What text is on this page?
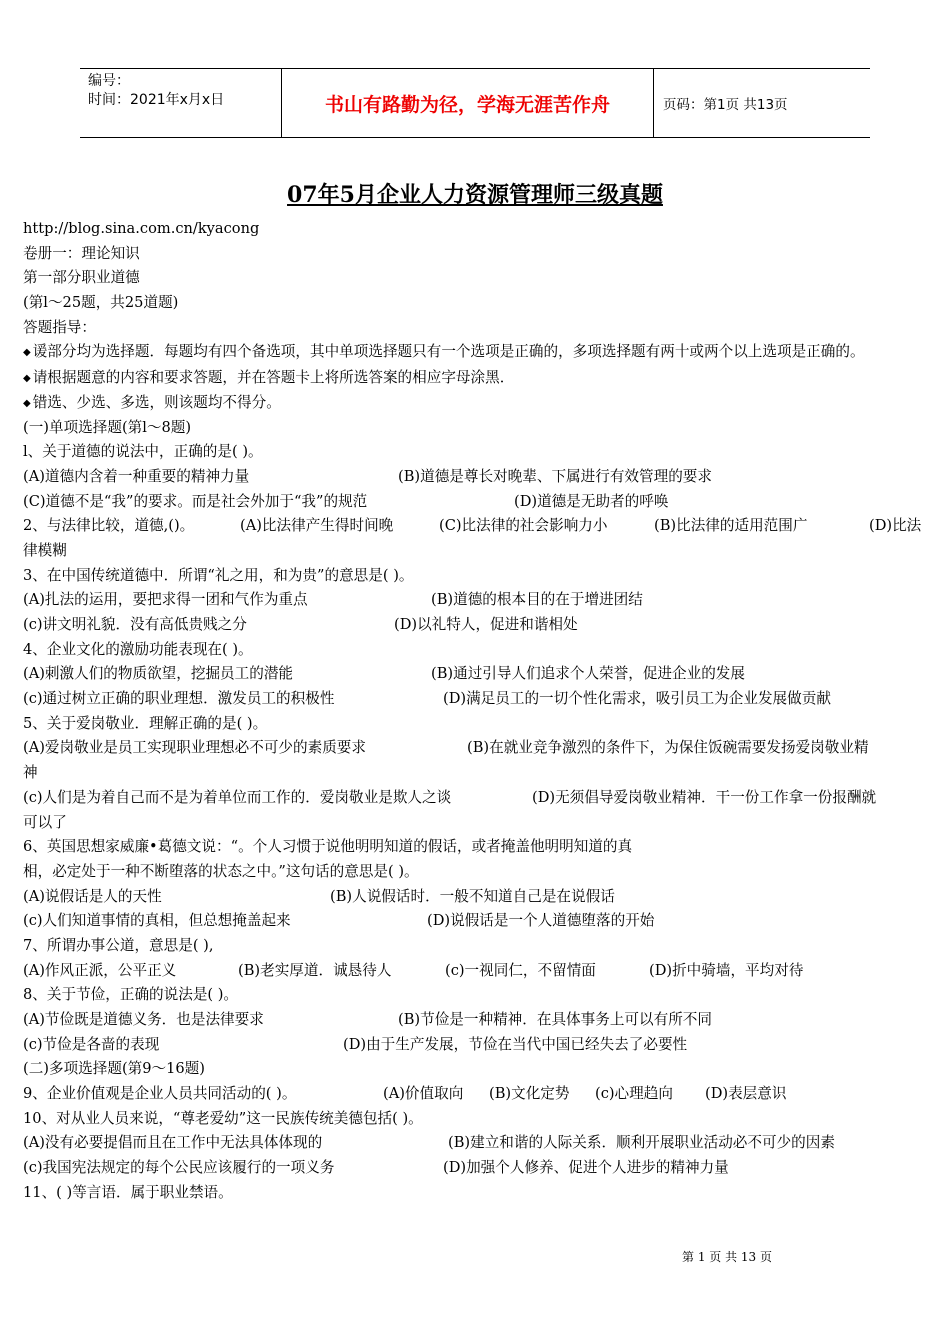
编号：
时间：2021年x月x日	书山有路勤为径，学海无涯苦作舟	页码：第1页 共13页
07年5月企业人力资源管理师三级真题
http://blog.sina.com.cn/kyacong
卷册一：理论知识
第一部分职业道德
(第l～25题，共25道题)
答题指导：
◆ 谖部分均为选择题．每题均有四个备选项，其中单项选择题只有一个选项是正确的，多项选择题有两十或两个以上选项是正确的。
◆ 请根据题意的内容和要求答题，并在答题卡上将所选答案的相应字母涂黑．
◆ 错选、少选、多选，则该题均不得分。
(一)单项选择题(第l～8题)
l、关于道德的说法中，正确的是( )。
(A)道德内含着一种重要的精神力量	(B)道德是尊长对晚辈、下属进行有效管理的要求
(C)道德不是“我”的要求。而是社会外加于“我”的规范	(D)道德是无助者的呼唤
2、与法律比较，道德,()。	(A)比法律产生得时间晚	(C)比法律的社会影响力小	(B)比法律的适用范围广	(D)比法
律模糊
3、在中国传统道德中．所谓“礼之用，和为贵”的意思是( )。
(A)扎法的运用，要把求得一团和气作为重点	(B)道德的根本目的在于增进团结
(c)讲文明礼貌．没有高低贵贱之分	(D)以礼特人，促进和谐相处
4、企业文化的激励功能表现在( )。
(A)刺激人们的物质欲望，挖掘员工的潜能	(B)通过引导人们追求个人荣誉，促进企业的发展
(c)通过树立正确的职业理想．激发员工的积极性	(D)满足员工的一切个性化需求，吸引员工为企业发展做贡献
5、关于爱岗敬业．理解正确的是( )。
(A)爱岗敬业是员工实现职业理想必不可少的素质要求	(B)在就业竞争激烈的条件下，为保住饭碗需要发扬爱岗敬业精
神
(c)人们是为着自己而不是为着单位而工作的．爱岗敬业是欺人之谈	(D)无须倡导爱岗敬业精神．干一份工作拿一份报酬就
可以了
6、英国思想家威廉•葛德文说：“。个人习惯于说他明明知道的假话，或者掩盖他明明知道的真
相，必定处于一种不断堕落的状态之中。”这句话的意思是( )。
(A)说假话是人的天性	(B)人说假话时．一般不知道自己是在说假话
(c)人们知道事情的真相，但总想掩盖起来	(D)说假话是一个人道德堕落的开始
7、所谓办事公道，意思是( ),
(A)作风正派，公平正义	(B)老实厚道．诚恳待人	(c)一视同仁，不留情面	(D)折中骑墙，平均对待
8、关于节俭，正确的说法是( )。
(A)节俭既是道德义务．也是法律要求	(B)节俭是一种精神．在具体事务上可以有所不同
(c)节俭是各啬的表现	(D)由于生产发展，节俭在当代中国已经失去了必要性
(二)多项选择题(第9～16题)
9、企业价值观是企业人员共同活动的( )。	(A)价值取向 (B)文化定势 (c)心理趋向 (D)表层意识
10、对从业人员来说，“尊老爱幼”这一民族传统美德包括( )。
(A)没有必要提倡而且在工作中无法具体体现的	(B)建立和谐的人际关系．顺利开展职业活动必不可少的因素
(c)我国宪法规定的每个公民应该履行的一项义务	(D)加强个人修养、促进个人进步的精神力量
11、( )等言语．属于职业禁语。
第 1 页 共 13 页
